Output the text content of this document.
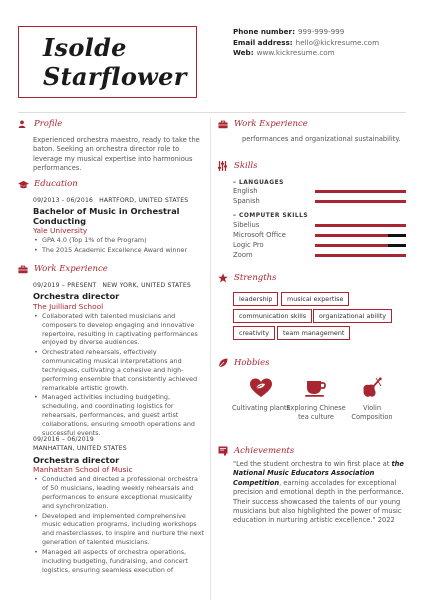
Isolde
Starflower
Phone number: 999-999-999
Email address: hello@kickresume.com
Web: www.kickresume.com
Profile
Experienced orchestra maestro, ready to take the baton. Seeking an orchestra director role to leverage my musical expertise into harmonious performances.
Education
09/2013 - 06/2016 HARTFORD, UNITED STATES
Bachelor of Music in Orchestral Conducting
Yale University
• GPA 4.0 (Top 1% of the Program)
• The 2015 Academic Excellence Award winner
Work Experience
09/2019 – PRESENT NEW YORK, UNITED STATES
Orchestra director
The Juilliard School
• Collaborated with talented musicians and composers to develop engaging and innovative repertoire, resulting in captivating performances enjoyed by diverse audiences.
• Orchestrated rehearsals, effectively communicating musical interpretations and techniques, cultivating a cohesive and high-performing ensemble that consistently achieved remarkable artistic growth.
• Managed activities including budgeting, scheduling, and coordinating logistics for rehearsals, performances, and guest artist collaborations, ensuring smooth operations and successful events.
09/2016 – 06/2019
MANHATTAN, UNITED STATES
Orchestra director
Manhattan School of Music
• Conducted and directed a professional orchestra of 50 musicians, leading weekly rehearsals and performances to ensure exceptional musicality and synchronization.
• Developed and implemented comprehensive music education programs, including workshops and masterclasses, to inspire and nurture the next generation of talented musicians.
• Managed all aspects of orchestra operations, including budgeting, fundraising, and concert logistics, ensuring seamless execution of
Work Experience
performances and organizational sustainability.
Skills
– LANGUAGES
English
Spanish
– COMPUTER SKILLS
Sibelius
Microsoft Office
Logic Pro
Zoom
Strengths
leadership	musical expertise
communication skills	organizational ability
creativity	team management
Hobbies
Cultivating plants
Exploring Chinese tea culture
Violin Composition
Achievements
"Led the student orchestra to win first place at the National Music Educators Association Competition, earning accolades for exceptional precision and emotional depth in the performance. Their success showcased the talents of our young musicians but also highlighted the power of music education in nurturing artistic excellence." 2022
